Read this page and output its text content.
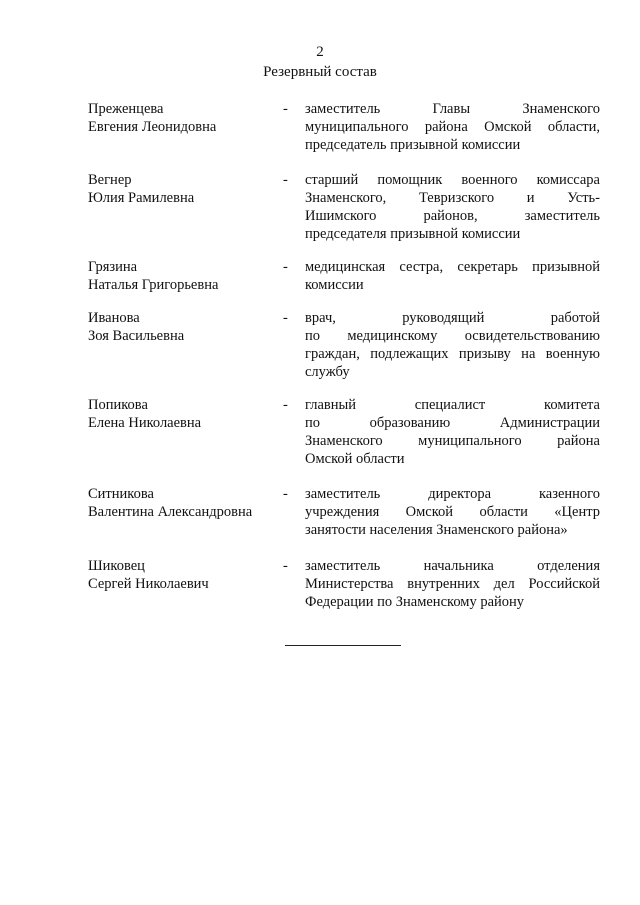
2
Резервный состав
Преженцева
Евгения Леонидовна
- заместитель Главы Знаменского
муниципального района Омской области,
председатель призывной комиссии
Вегнер
Юлия Рамилевна
- старший помощник военного комиссара
Знаменского, Тевризского и Усть-
Ишимского районов, заместитель
председателя призывной комиссии
Грязина
Наталья Григорьевна
- медицинская сестра, секретарь призывной
комиссии
Иванова
Зоя Васильевна
- врач, руководящий работой
по медицинскому освидетельствованию
граждан, подлежащих призыву на военную
службу
Попикова
Елена Николаевна
- главный специалист комитета
по образованию Администрации
Знаменского муниципального района
Омской области
Ситникова
Валентина Александровна
- заместитель директора казенного
учреждения Омской области «Центр
занятости населения Знаменского района»
Шиковец
Сергей Николаевич
- заместитель начальника отделения
Министерства внутренних дел Российской
Федерации по Знаменскому району
